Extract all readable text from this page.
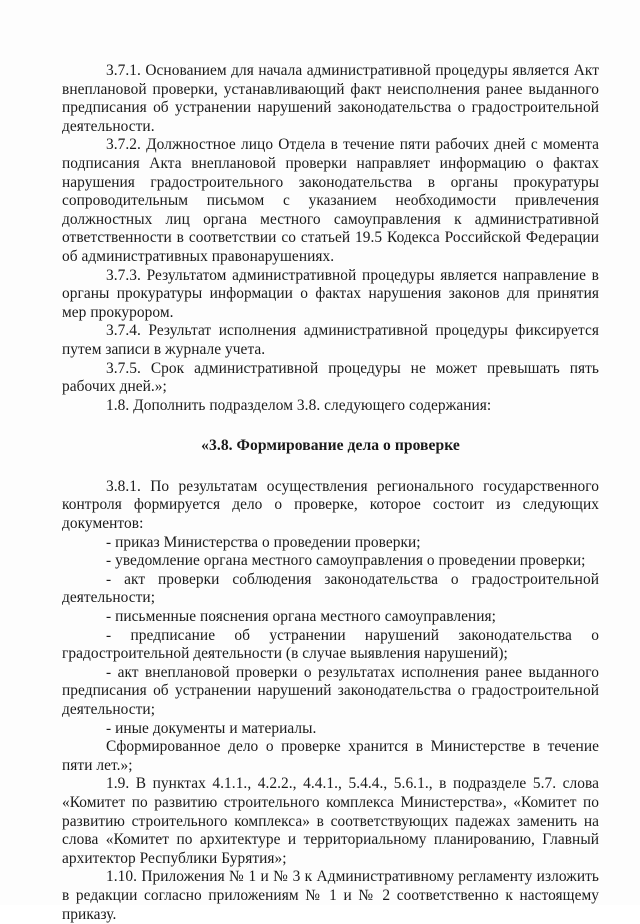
3.7.1. Основанием для начала административной процедуры является Акт внеплановой проверки, устанавливающий факт неисполнения ранее выданного предписания об устранении нарушений законодательства о градостроительной деятельности.

3.7.2. Должностное лицо Отдела в течение пяти рабочих дней с момента подписания Акта внеплановой проверки направляет информацию о фактах нарушения градостроительного законодательства в органы прокуратуры сопроводительным письмом с указанием необходимости привлечения должностных лиц органа местного самоуправления к административной ответственности в соответствии со статьей 19.5 Кодекса Российской Федерации об административных правонарушениях.

3.7.3. Результатом административной процедуры является направление в органы прокуратуры информации о фактах нарушения законов для принятия мер прокурором.

3.7.4. Результат исполнения административной процедуры фиксируется путем записи в журнале учета.

3.7.5. Срок административной процедуры не может превышать пять рабочих дней.»;

1.8. Дополнить подразделом 3.8. следующего содержания:

«3.8. Формирование дела о проверке

3.8.1. По результатам осуществления регионального государственного контроля формируется дело о проверке, которое состоит из следующих документов:

- приказ Министерства о проведении проверки;

- уведомление органа местного самоуправления о проведении проверки;

- акт проверки соблюдения законодательства о градостроительной деятельности;

- письменные пояснения органа местного самоуправления;

- предписание об устранении нарушений законодательства о градостроительной деятельности (в случае выявления нарушений);

- акт внеплановой проверки о результатах исполнения ранее выданного предписания об устранении нарушений законодательства о градостроительной деятельности;

- иные документы и материалы.

Сформированное дело о проверке хранится в Министерстве в течение пяти лет.»;

1.9. В пунктах 4.1.1., 4.2.2., 4.4.1., 5.4.4., 5.6.1., в подразделе 5.7. слова «Комитет по развитию строительного комплекса Министерства», «Комитет по развитию строительного комплекса» в соответствующих падежах заменить на слова «Комитет по архитектуре и территориальному планированию, Главный архитектор Республики Бурятия»;

1.10. Приложения № 1 и № 3 к Административному регламенту изложить в редакции согласно приложениям № 1 и № 2 соответственно к настоящему приказу.
